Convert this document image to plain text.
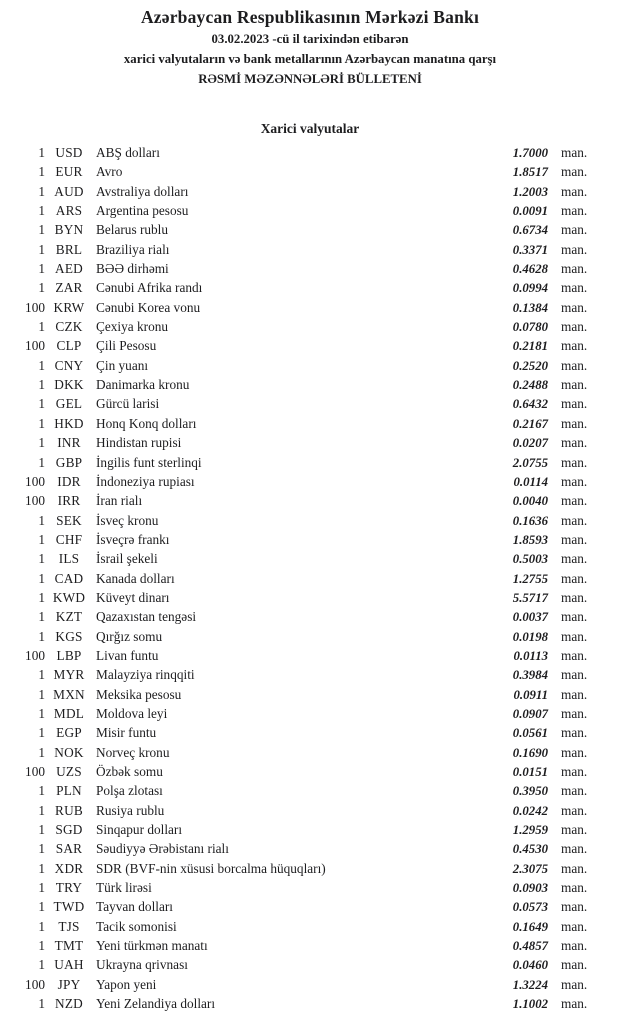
Azərbaycan Respublikasının Mərkəzi Bankı
03.02.2023 -cü il tarixindən etibarən
xarici valyutaların və bank metallarının Azərbaycan manatına qarşı
RƏSMİ MƏZƏNNƏLƏRİ BÜLLETENİ
Xarici valyutalar
1 USD	ABŞ dolları	1.7000 man.
1 EUR	Avro	1.8517 man.
1 AUD Avstraliya dolları	1.2003 man.
1 ARS	Argentina pesosu	0.0091 man.
1 BYN Belarus rublu	0.6734 man.
1 BRL	Braziliya rialı	0.3371 man.
1 AED BƏƏ dirhəmi	0.4628 man.
1 ZAR	Cənubi Afrika randı	0.0994 man.
100 KRW Cənubi Korea vonu	0.1384 man.
1 CZK	Çexiya kronu	0.0780 man.
100 CLP	Çili Pesosu	0.2181 man.
1 CNY Çin yuanı	0.2520 man.
1 DKK Danimarka kronu	0.2488 man.
1 GEL	Gürcü larisi	0.6432 man.
1 HKD Honq Konq dolları	0.2167 man.
1 INR	Hindistan rupisi	0.0207 man.
1 GBP	İngilis funt sterlinqi	2.0755 man.
100 IDR	İndoneziya rupiası	0.0114 man.
100 IRR	İran rialı	0.0040 man.
1 SEK	İsveç kronu	0.1636 man.
1 CHF	İsveçrə frankı	1.8593 man.
1	ILS	İsrail şekeli	0.5003 man.
1 CAD Kanada dolları	1.2755 man.
1 KWD Küveyt dinarı	5.5717 man.
1 KZT	Qazaxıstan tengəsi	0.0037 man.
1 KGS	Qırğız somu	0.0198 man.
100 LBP	Livan funtu	0.0113 man.
1 MYR Malayziya rinqqiti	0.3984 man.
1 MXN Meksika pesosu	0.0911 man.
1 MDL Moldova leyi	0.0907 man.
1 EGP	Misir funtu	0.0561 man.
1 NOK Norveç kronu	0.1690 man.
100 UZS	Özbək somu	0.0151 man.
1 PLN	Polşa zlotası	0.3950 man.
1 RUB Rusiya rublu	0.0242 man.
1 SGD	Sinqapur dolları	1.2959 man.
1 SAR	Səudiyyə Ərəbistanı rialı	0.4530 man.
1 XDR SDR (BVF-nin xüsusi borcalma hüquqları)	2.3075 man.
1 TRY	Türk lirəsi	0.0903 man.
1 TWD Tayvan dolları	0.0573 man.
1	TJS	Tacik somonisi	0.1649 man.
1 TMT Yeni türkmən manatı	0.4857 man.
1 UAH Ukrayna qrivnası	0.0460 man.
100 JPY	Yapon yeni	1.3224 man.
1 NZD Yeni Zelandiya dolları	1.1002 man.
